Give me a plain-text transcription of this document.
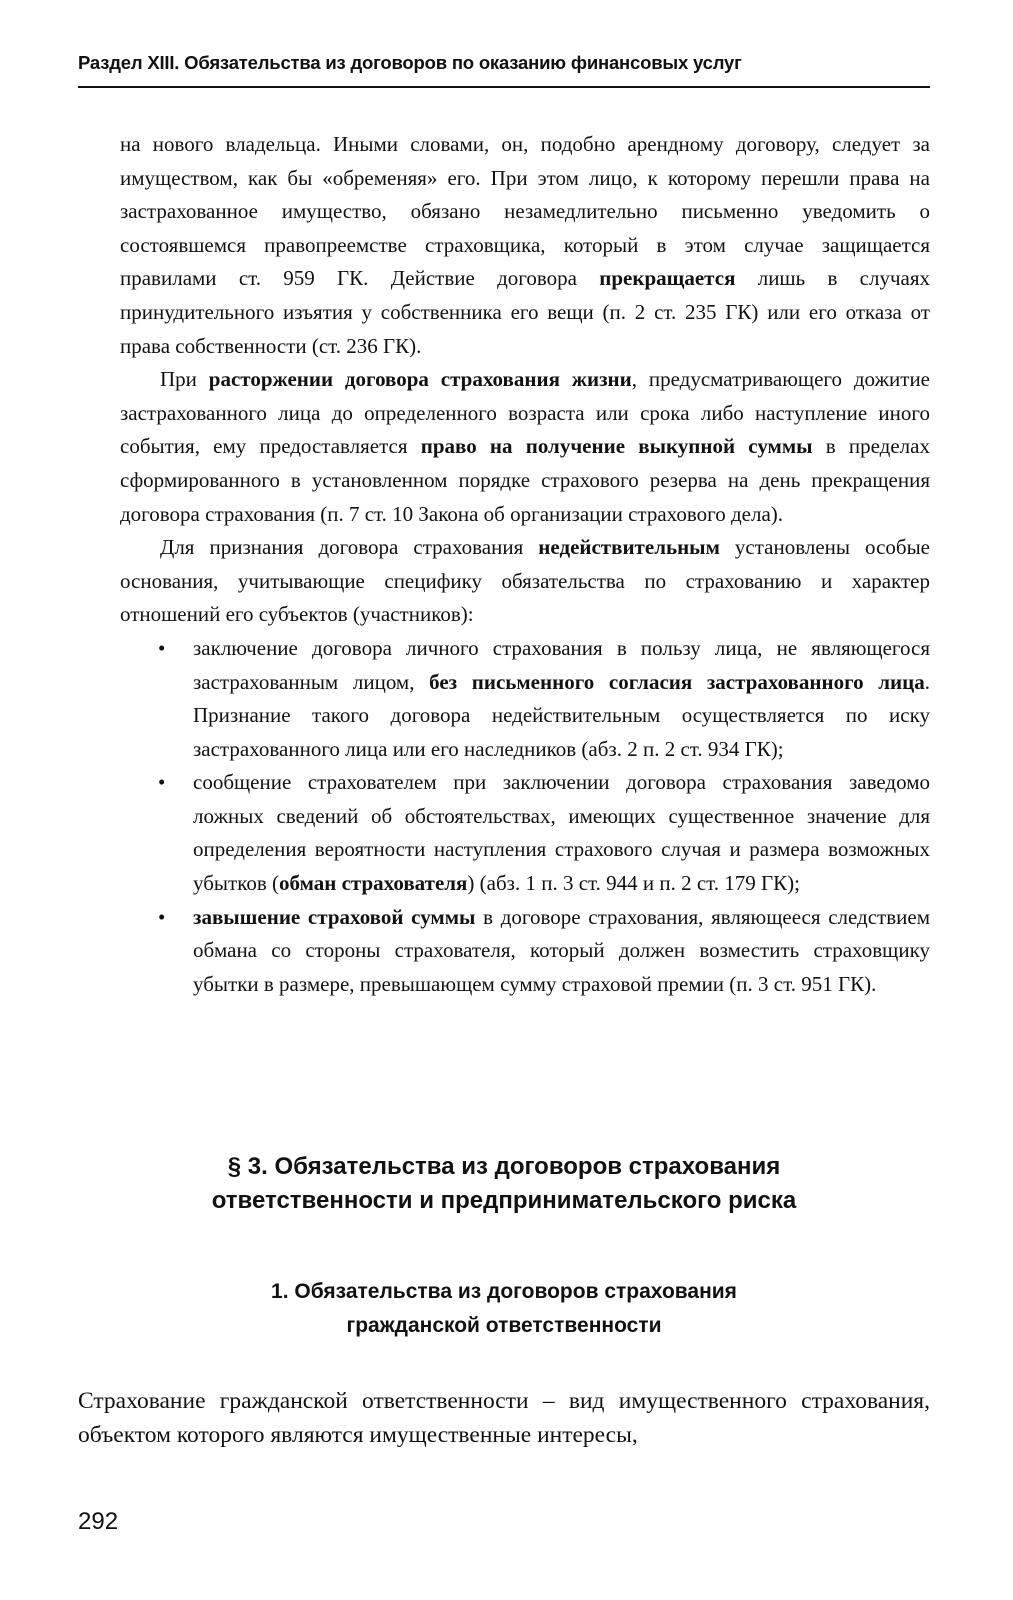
Раздел XIII. Обязательства из договоров по оказанию финансовых услуг

на нового владельца. Иными словами, он, подобно арендному договору, следует за имуществом, как бы «обременяя» его. При этом лицо, к которому перешли права на застрахованное имущество, обязано незамедлительно письменно уведомить о состоявшемся правопреемстве страховщика, который в этом случае защищается правилами ст. 959 ГК. Действие договора прекращается лишь в случаях принудительного изъятия у собственника его вещи (п. 2 ст. 235 ГК) или его отказа от права собственности (ст. 236 ГК).

При расторжении договора страхования жизни, предусматривающего дожитие застрахованного лица до определенного возраста или срока либо наступление иного события, ему предоставляется право на получение выкупной суммы в пределах сформированного в установленном порядке страхового резерва на день прекращения договора страхования (п. 7 ст. 10 Закона об организации страхового дела).

Для признания договора страхования недействительным установлены особые основания, учитывающие специфику обязательства по страхованию и характер отношений его субъектов (участников):

• заключение договора личного страхования в пользу лица, не являющегося застрахованным лицом, без письменного согласия застрахованного лица. Признание такого договора недействительным осуществляется по иску застрахованного лица или его наследников (абз. 2 п. 2 ст. 934 ГК);
• сообщение страхователем при заключении договора страхования заведомо ложных сведений об обстоятельствах, имеющих существенное значение для определения вероятности наступления страхового случая и размера возможных убытков (обман страхователя) (абз. 1 п. 3 ст. 944 и п. 2 ст. 179 ГК);
• завышение страховой суммы в договоре страхования, являющееся следствием обмана со стороны страхователя, который должен возместить страховщику убытки в размере, превышающем сумму страховой премии (п. 3 ст. 951 ГК).
§ 3. Обязательства из договоров страхования
ответственности и предпринимательского риска
1. Обязательства из договоров страхования
гражданской ответственности
Страхование гражданской ответственности – вид имущественного страхования, объектом которого являются имущественные интересы,
292
